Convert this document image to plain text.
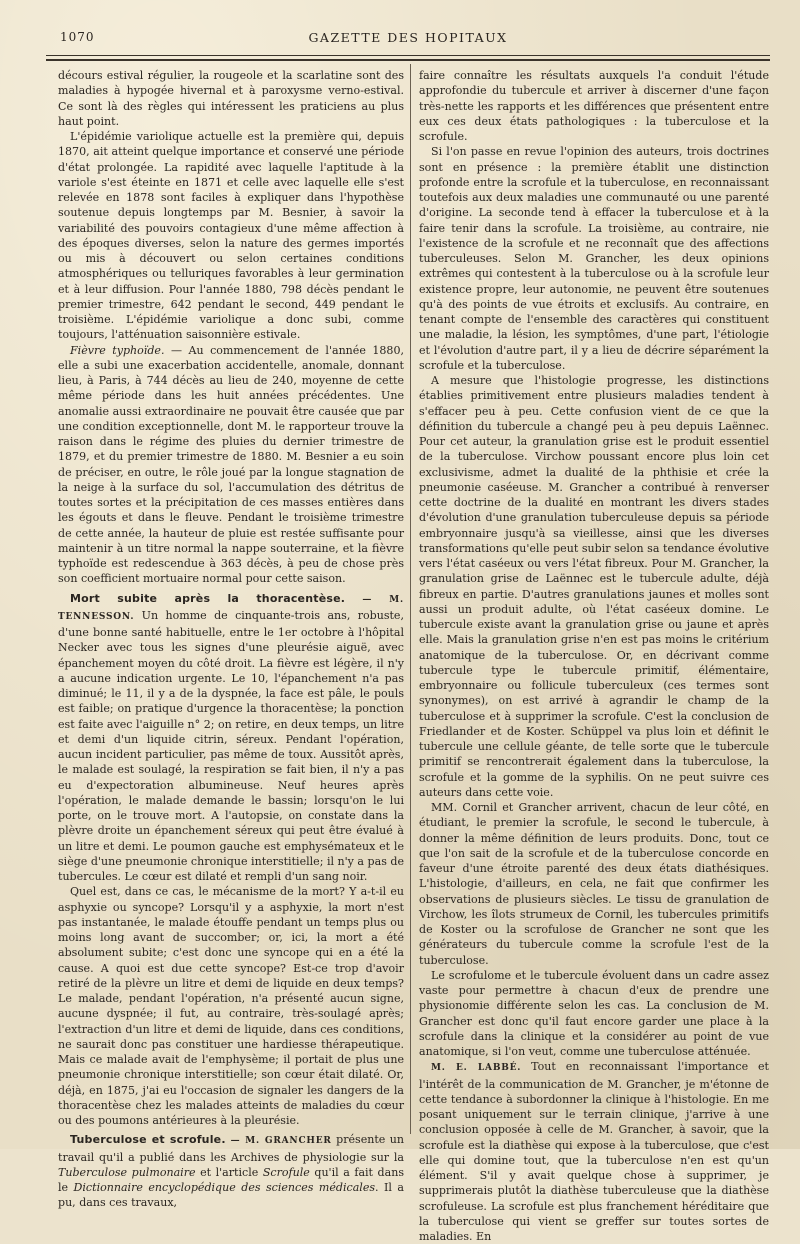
1070	GAZETTE DES HOPITAUX

décours estival régulier, la rougeole et la scarlatine sont des maladies à hypogée hivernal et à paroxysme verno-estival. Ce sont là des règles qui intéressent les praticiens au plus haut point.

L'épidémie variolique actuelle est la première qui, depuis 1870, ait atteint quelque importance et conservé une période d'état prolongée. La rapidité avec laquelle l'aptitude à la variole s'est éteinte en 1871 et celle avec laquelle elle s'est relevée en 1878 sont faciles à expliquer dans l'hypothèse soutenue depuis longtemps par M. Besnier, à savoir la variabilité des pouvoirs contagieux d'une même affection à des époques diverses, selon la nature des germes importés ou mis à découvert ou selon certaines conditions atmosphériques ou telluriques favorables à leur germination et à leur diffusion. Pour l'année 1880, 798 décès pendant le premier trimestre, 642 pendant le second, 449 pendant le troisième. L'épidémie variolique a donc subi, comme toujours, l'atténuation saisonnière estivale.

Fièvre typhoïde. — Au commencement de l'année 1880, elle a subi une exacerbation accidentelle, anomale, donnant lieu, à Paris, à 744 décès au lieu de 240, moyenne de cette même période dans les huit années précédentes. Une anomalie aussi extraordinaire ne pouvait être causée que par une condition exceptionnelle, dont M. le rapporteur trouve la raison dans le régime des pluies du dernier trimestre de 1879, et du premier trimestre de 1880. M. Besnier a eu soin de préciser, en outre, le rôle joué par la longue stagnation de la neige à la surface du sol, l'accumulation des détritus de toutes sortes et la précipitation de ces masses entières dans les égouts et dans le fleuve. Pendant le troisième trimestre de cette année, la hauteur de pluie est restée suffisante pour maintenir à un titre normal la nappe souterraine, et la fièvre typhoïde est redescendue à 363 décès, à peu de chose près son coefficient mortuaire normal pour cette saison.

Mort subite après la thoracentèse. — M. TENNESSON. Un homme de cinquante-trois ans, robuste, d'une bonne santé habituelle, entre le 1er octobre à l'hôpital Necker avec tous les signes d'une pleurésie aiguë, avec épanchement moyen du côté droit. La fièvre est légère, il n'y a aucune indication urgente. Le 10, l'épanchement n'a pas diminué; le 11, il y a de la dyspnée, la face est pâle, le pouls est faible; on pratique d'urgence la thoracentèse; la ponction est faite avec l'aiguille n° 2; on retire, en deux temps, un litre et demi d'un liquide citrin, séreux. Pendant l'opération, aucun incident particulier, pas même de toux. Aussitôt après, le malade est soulagé, la respiration se fait bien, il n'y a pas eu d'expectoration albumineuse. Neuf heures après l'opération, le malade demande le bassin; lorsqu'on le lui porte, on le trouve mort. A l'autopsie, on constate dans la plèvre droite un épanchement séreux qui peut être évalué à un litre et demi. Le poumon gauche est emphysémateux et le siège d'une pneumonie chronique interstitielle; il n'y a pas de tubercules. Le cœur est dilaté et rempli d'un sang noir.

Quel est, dans ce cas, le mécanisme de la mort? Y a-t-il eu asphyxie ou syncope? Lorsqu'il y a asphyxie, la mort n'est pas instantanée, le malade étouffe pendant un temps plus ou moins long avant de succomber; or, ici, la mort a été absolument subite; c'est donc une syncope qui en a été la cause. A quoi est due cette syncope? Est-ce trop d'avoir retiré de la plèvre un litre et demi de liquide en deux temps? Le malade, pendant l'opération, n'a présenté aucun signe, aucune dyspnée; il fut, au contraire, très-soulagé après; l'extraction d'un litre et demi de liquide, dans ces conditions, ne saurait donc pas constituer une hardiesse thérapeutique. Mais ce malade avait de l'emphysème; il portait de plus une pneumonie chronique interstitielle; son cœur était dilaté. Or, déjà, en 1875, j'ai eu l'occasion de signaler les dangers de la thoracentèse chez les malades atteints de maladies du cœur ou des poumons antérieures à la pleurésie.

Tuberculose et scrofule. — M. GRANCHER présente un travail qu'il a publié dans les Archives de physiologie sur la Tuberculose pulmonaire et l'article Scrofule qu'il a fait dans le Dictionnaire encyclopédique des sciences médicales. Il a pu, dans ces travaux,

faire connaître les résultats auxquels l'a conduit l'étude approfondie du tubercule et arriver à discerner d'une façon très-nette les rapports et les différences que présentent entre eux ces deux états pathologiques : la tuberculose et la scrofule.

Si l'on passe en revue l'opinion des auteurs, trois doctrines sont en présence : la première établit une distinction profonde entre la scrofule et la tuberculose, en reconnaissant toutefois aux deux maladies une communauté ou une parenté d'origine. La seconde tend à effacer la tuberculose et à la faire tenir dans la scrofule. La troisième, au contraire, nie l'existence de la scrofule et ne reconnaît que des affections tuberculeuses. Selon M. Grancher, les deux opinions extrêmes qui contestent à la tuberculose ou à la scrofule leur existence propre, leur autonomie, ne peuvent être soutenues qu'à des points de vue étroits et exclusifs. Au contraire, en tenant compte de l'ensemble des caractères qui constituent une maladie, la lésion, les symptômes, d'une part, l'étiologie et l'évolution d'autre part, il y a lieu de décrire séparément la scrofule et la tuberculose.

A mesure que l'histologie progresse, les distinctions établies primitivement entre plusieurs maladies tendent à s'effacer peu à peu. Cette confusion vient de ce que la définition du tubercule a changé peu à peu depuis Laënnec. Pour cet auteur, la granulation grise est le produit essentiel de la tuberculose. Virchow poussant encore plus loin cet exclusivisme, admet la dualité de la phthisie et crée la pneumonie caséeuse. M. Grancher a contribué à renverser cette doctrine de la dualité en montrant les divers stades d'évolution d'une granulation tuberculeuse depuis sa période embryonnaire jusqu'à sa vieillesse, ainsi que les diverses transformations qu'elle peut subir selon sa tendance évolutive vers l'état caséeux ou vers l'état fibreux. Pour M. Grancher, la granulation grise de Laënnec est le tubercule adulte, déjà fibreux en partie. D'autres granulations jaunes et molles sont aussi un produit adulte, où l'état caséeux domine. Le tubercule existe avant la granulation grise ou jaune et après elle. Mais la granulation grise n'en est pas moins le critérium anatomique de la tuberculose. Or, en décrivant comme tubercule type le tubercule primitif, élémentaire, embryonnaire ou follicule tuberculeux (ces termes sont synonymes), on est arrivé à agrandir le champ de la tuberculose et à supprimer la scrofule. C'est la conclusion de Friedlander et de Koster. Schüppel va plus loin et définit le tubercule une cellule géante, de telle sorte que le tubercule primitif se rencontrerait également dans la tuberculose, la scrofule et la gomme de la syphilis. On ne peut suivre ces auteurs dans cette voie.

MM. Cornil et Grancher arrivent, chacun de leur côté, en étudiant, le premier la scrofule, le second le tubercule, à donner la même définition de leurs produits. Donc, tout ce que l'on sait de la scrofule et de la tuberculose concorde en faveur d'une étroite parenté des deux états diathésiques. L'histologie, d'ailleurs, en cela, ne fait que confirmer les observations de plusieurs siècles. Le tissu de granulation de Virchow, les îlots strumeux de Cornil, les tubercules primitifs de Koster ou la scrofulose de Grancher ne sont que les générateurs du tubercule comme la scrofule l'est de la tuberculose.

Le scrofulome et le tubercule évoluent dans un cadre assez vaste pour permettre à chacun d'eux de prendre une physionomie différente selon les cas. La conclusion de M. Grancher est donc qu'il faut encore garder une place à la scrofule dans la clinique et la considérer au point de vue anatomique, si l'on veut, comme une tuberculose atténuée.

M. E. LABBÉ. Tout en reconnaissant l'importance et l'intérêt de la communication de M. Grancher, je m'étonne de cette tendance à subordonner la clinique à l'histologie. En me posant uniquement sur le terrain clinique, j'arrive à une conclusion opposée à celle de M. Grancher, à savoir, que la scrofule est la diathèse qui expose à la tuberculose, que c'est elle qui domine tout, que la tuberculose n'en est qu'un élément. S'il y avait quelque chose à supprimer, je supprimerais plutôt la diathèse tuberculeuse que la diathèse scrofuleuse. La scrofule est plus franchement héréditaire que la tuberculose qui vient se greffer sur toutes sortes de maladies. En
